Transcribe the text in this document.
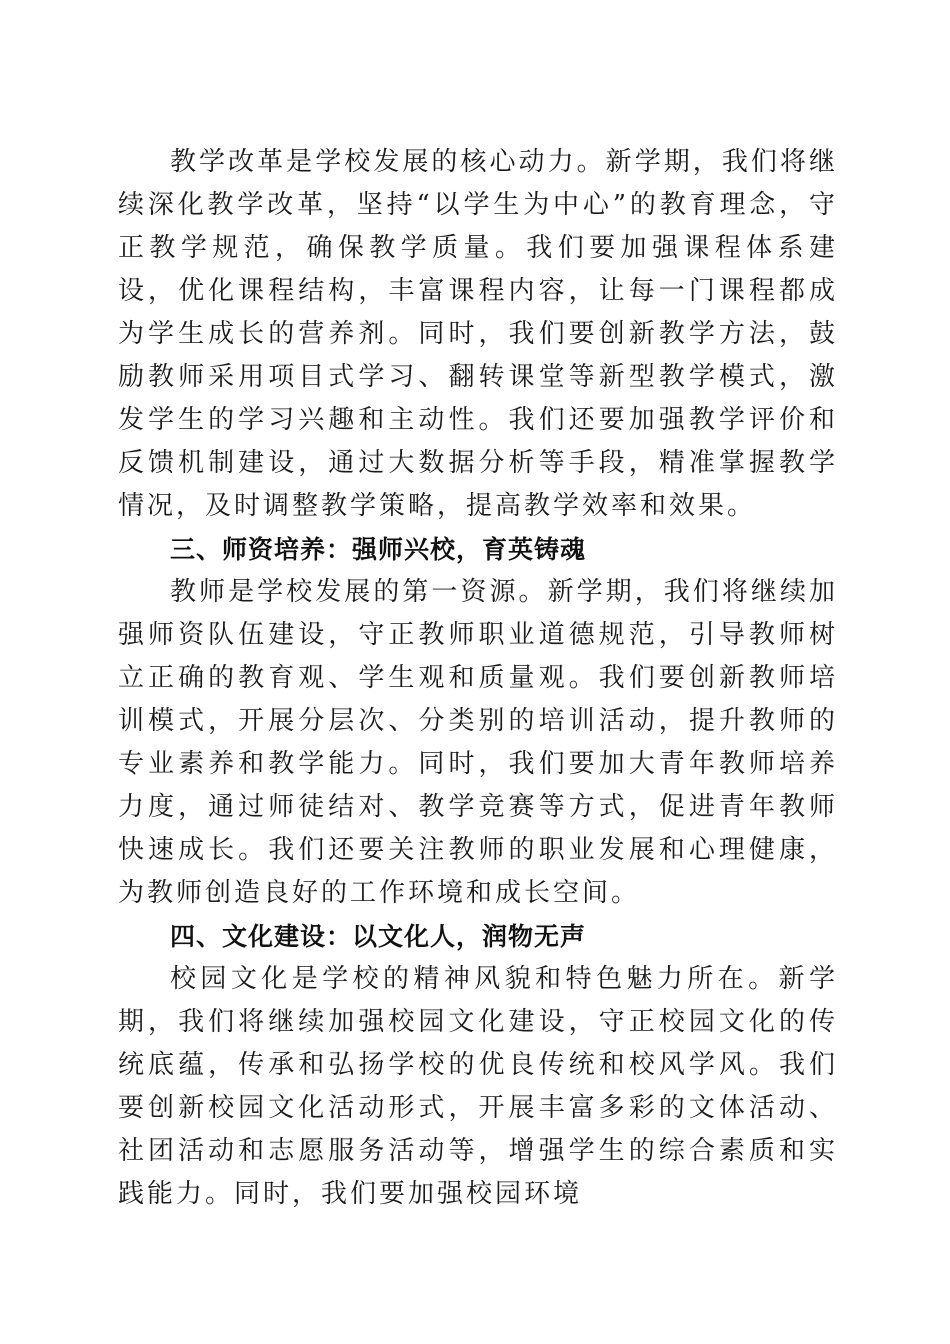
教学改革是学校发展的核心动力。新学期，我们将继续深化教学改革，坚持“以学生为中心”的教育理念，守正教学规范，确保教学质量。我们要加强课程体系建设，优化课程结构，丰富课程内容，让每一门课程都成为学生成长的营养剂。同时，我们要创新教学方法，鼓励教师采用项目式学习、翻转课堂等新型教学模式，激发学生的学习兴趣和主动性。我们还要加强教学评价和反馈机制建设，通过大数据分析等手段，精准掌握教学情况，及时调整教学策略，提高教学效率和效果。

三、师资培养：强师兴校，育英铸魂

教师是学校发展的第一资源。新学期，我们将继续加强师资队伍建设，守正教师职业道德规范，引导教师树立正确的教育观、学生观和质量观。我们要创新教师培训模式，开展分层次、分类别的培训活动，提升教师的专业素养和教学能力。同时，我们要加大青年教师培养力度，通过师徒结对、教学竞赛等方式，促进青年教师快速成长。我们还要关注教师的职业发展和心理健康，为教师创造良好的工作环境和成长空间。

四、文化建设：以文化人，润物无声

校园文化是学校的精神风貌和特色魅力所在。新学期，我们将继续加强校园文化建设，守正校园文化的传统底蕴，传承和弘扬学校的优良传统和校风学风。我们要创新校园文化活动形式，开展丰富多彩的文体活动、社团活动和志愿服务活动等，增强学生的综合素质和实践能力。同时，我们要加强校园环境
